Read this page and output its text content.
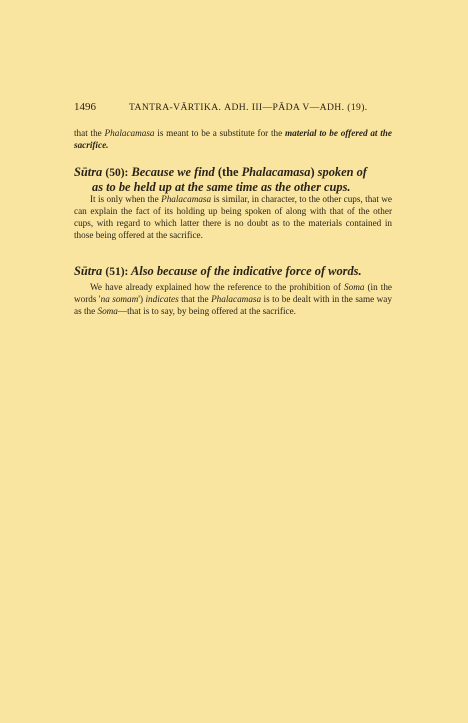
1496	TANTRA-VĀRTIKA. ADH. III—PĀDA V—ADH. (19).
that the Phalacamasa is meant to be a substitute for the material to be offered at the sacrifice.
Sūtra (50): Because we find (the Phalacamasa) spoken of
as to be held up at the same time as the other cups.
It is only when the Phalacamasa is similar, in character, to the other cups, that we can explain the fact of its holding up being spoken of along with that of the other cups, with regard to which latter there is no doubt as to the materials contained in those being offered at the sacrifice.
Sūtra (51): Also because of the indicative force of words.
We have already explained how the reference to the prohibition of Soma (in the words 'na somam') indicates that the Phalacamasa is to be dealt with in the same way as the Soma—that is to say, by being offered at the sacrifice.
